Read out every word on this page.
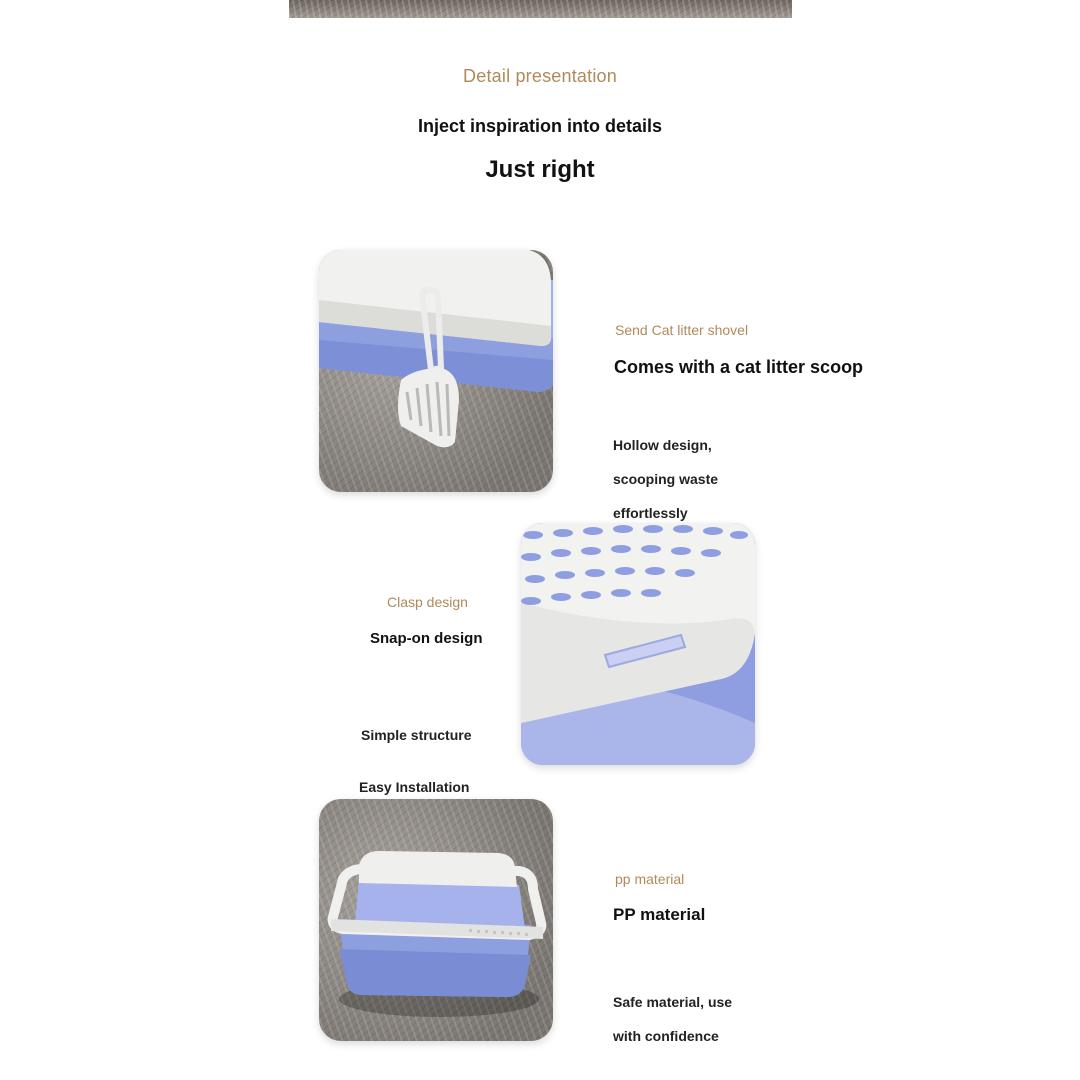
Detail presentation
Inject inspiration into details
Just right
Send Cat litter shovel
Comes with a cat litter scoop

Hollow design,

scooping waste

effortlessly

Clasp design
Snap-on design

Simple structure

Easy Installation

pp material
PP material

Safe material, use

with confidence
